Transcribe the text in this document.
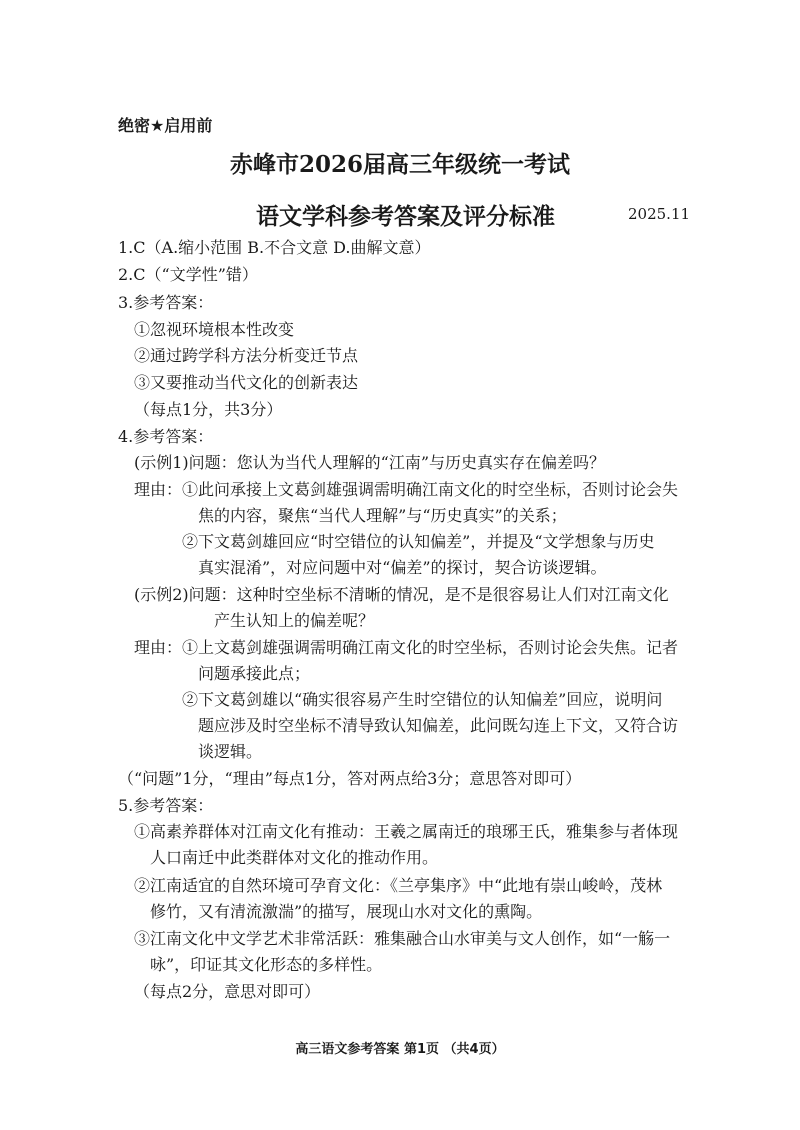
绝密★启用前
赤峰市2026届高三年级统一考试
语文学科参考答案及评分标准	2025.11
1.C（A.缩小范围 B.不合文意 D.曲解文意）
2.C（“文学性”错）
3.参考答案：
①忽视环境根本性改变
②通过跨学科方法分析变迁节点
③又要推动当代文化的创新表达
（每点1分，共3分）
4.参考答案：
(示例1)问题：您认为当代人理解的“江南”与历史真实存在偏差吗？
理由：①此问承接上文葛剑雄强调需明确江南文化的时空坐标，否则讨论会失
焦的内容，聚焦“当代人理解”与“历史真实”的关系；
②下文葛剑雄回应“时空错位的认知偏差”，并提及“文学想象与历史
真实混淆”，对应问题中对“偏差”的探讨，契合访谈逻辑。
(示例2)问题：这种时空坐标不清晰的情况，是不是很容易让人们对江南文化
产生认知上的偏差呢？
理由：①上文葛剑雄强调需明确江南文化的时空坐标，否则讨论会失焦。记者
问题承接此点；
②下文葛剑雄以“确实很容易产生时空错位的认知偏差”回应，说明问
题应涉及时空坐标不清导致认知偏差，此问既勾连上下文，又符合访
谈逻辑。
（“问题”1分，“理由”每点1分，答对两点给3分；意思答对即可）
5.参考答案：
①高素养群体对江南文化有推动：王羲之属南迁的琅琊王氏，雅集参与者体现
人口南迁中此类群体对文化的推动作用。
②江南适宜的自然环境可孕育文化：《兰亭集序》中“此地有崇山峻岭，茂林
修竹，又有清流激湍”的描写，展现山水对文化的熏陶。
③江南文化中文学艺术非常活跃：雅集融合山水审美与文人创作，如“一觞一
咏”，印证其文化形态的多样性。
（每点2分，意思对即可）
高三语文参考答案 第1页 （共4页）
